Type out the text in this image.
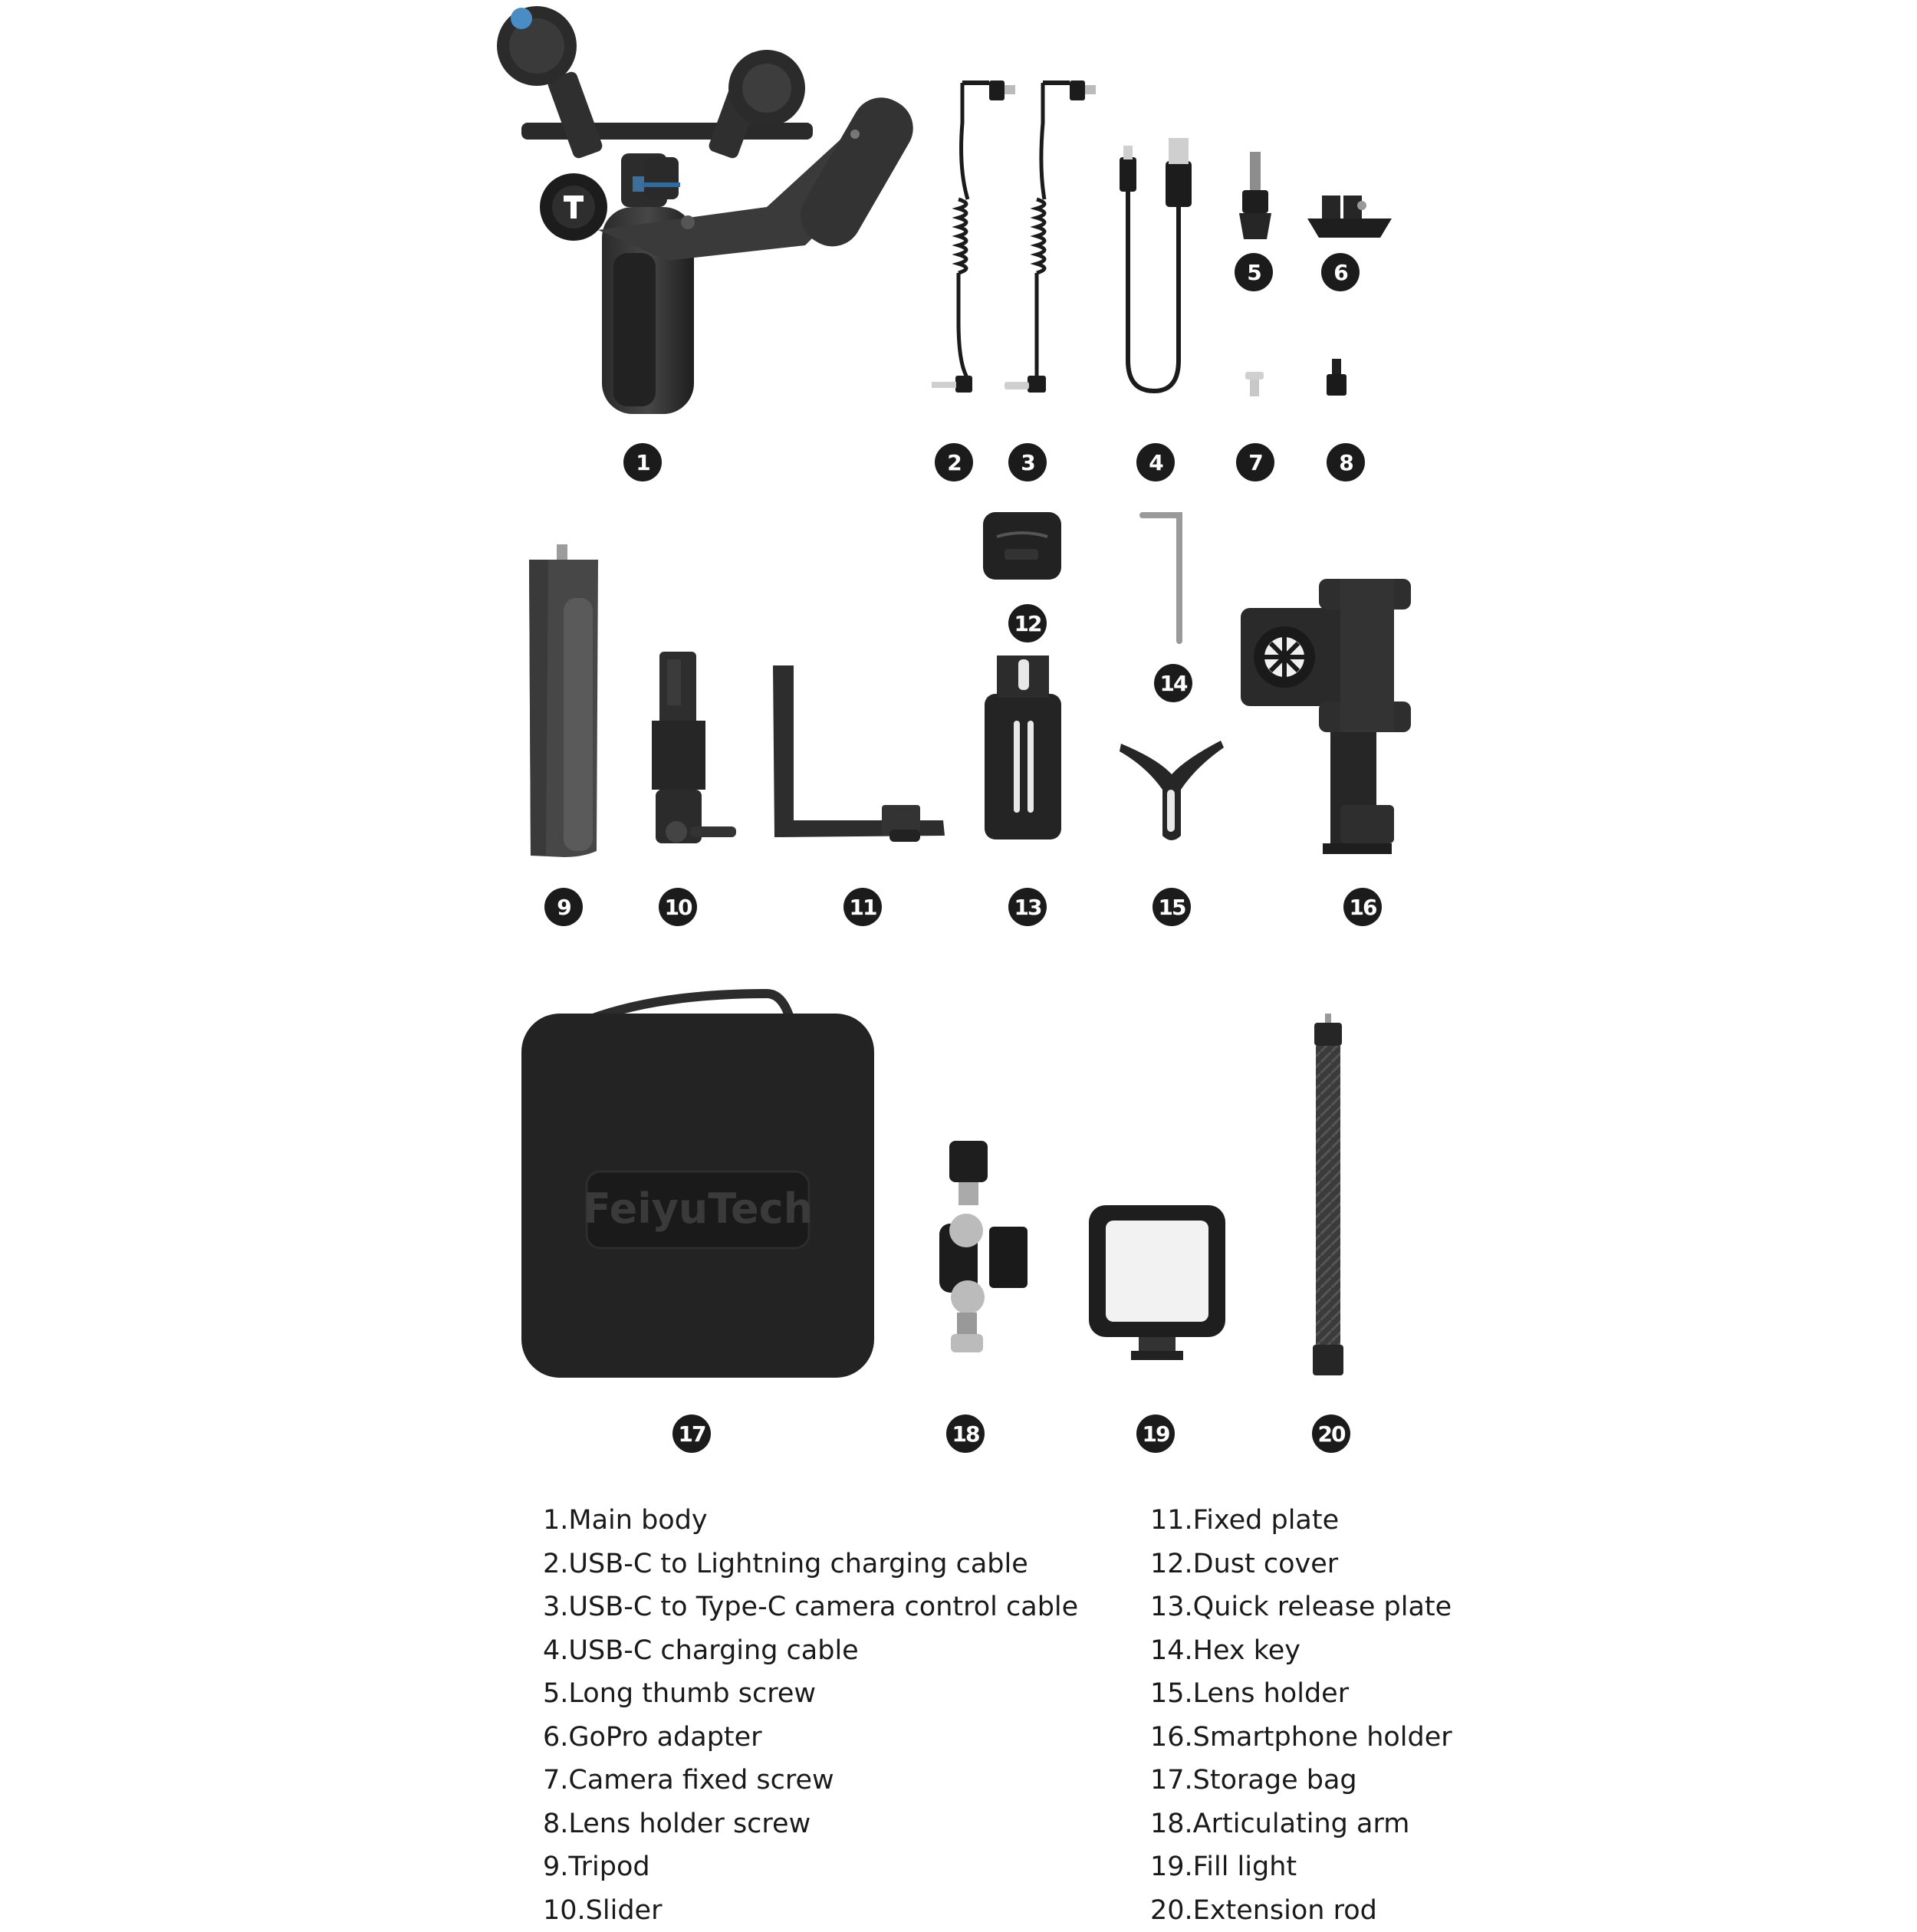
FeiyuTech
1	2	3	4
5	6
7	8
9	10	11
12
13
14
15	16
17	18	19	20
1.Main body
2.USB-C to Lightning charging cable
3.USB-C to Type-C camera control cable
4.USB-C charging cable
5.Long thumb screw
6.GoPro adapter
7.Camera fixed screw
8.Lens holder screw
9.Tripod
10.Slider
11.Fixed plate
12.Dust cover
13.Quick release plate
14.Hex key
15.Lens holder
16.Smartphone holder
17.Storage bag
18.Articulating arm
19.Fill light
20.Extension rod
